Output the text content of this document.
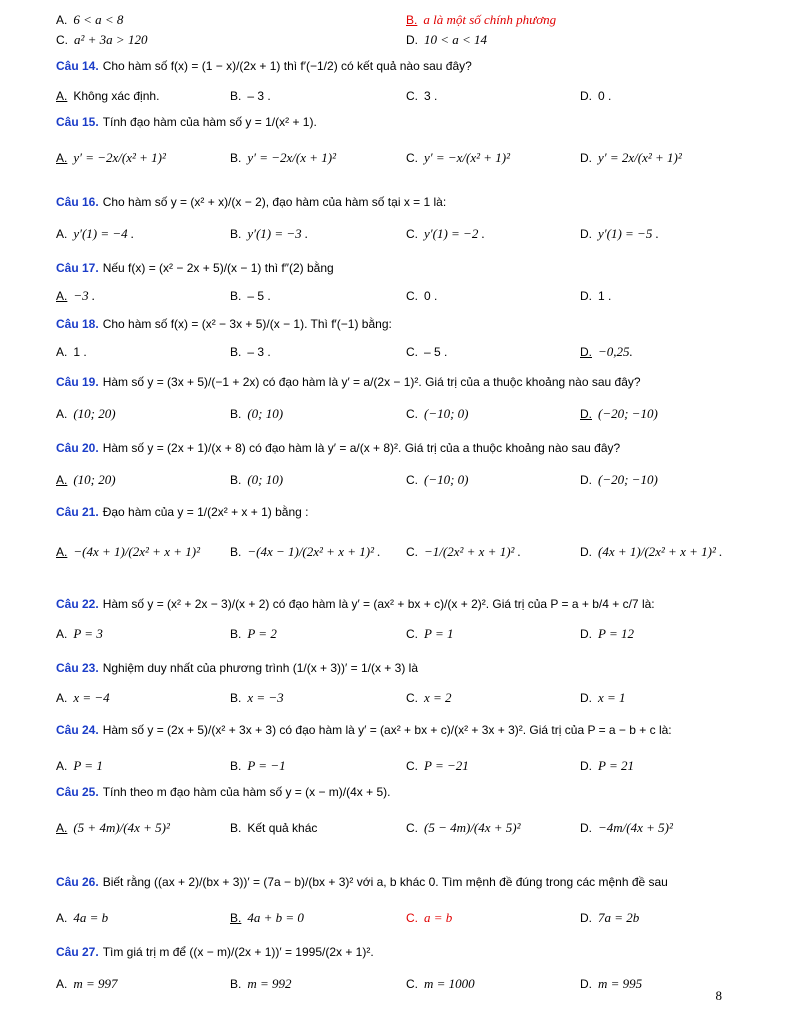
A. 6 < a < 8	B. a là một số chính phương
C. a² + 3a > 120	D. 10 < a < 14
Câu 14. Cho hàm số f(x) = (1 − x)/(2x + 1) thì f′(−1/2) có kết quả nào sau đây?
A. Không xác định.	B. – 3 .	C. 3 .	D. 0 .
Câu 15. Tính đạo hàm của hàm số y = 1/(x² + 1).
A. y′ = −2x/(x² + 1)²	B. y′ = −2x/(x + 1)²	C. y′ = −x/(x² + 1)²	D. y′ = 2x/(x² + 1)²
Câu 16. Cho hàm số y = (x² + x)/(x − 2), đạo hàm của hàm số tại x = 1 là:
A. y′(1) = −4 .	B. y′(1) = −3 .	C. y′(1) = −2 .	D. y′(1) = −5 .
Câu 17. Nếu f(x) = (x² − 2x + 5)/(x − 1) thì f″(2) bằng
A. −3 .	B. – 5 .	C. 0 .	D. 1 .
Câu 18. Cho hàm số f(x) = (x² − 3x + 5)/(x − 1). Thì f′(−1) bằng:
A. 1 .	B. – 3 .	C. – 5 .	D. −0,25.
Câu 19. Hàm số y = (3x + 5)/(−1 + 2x) có đạo hàm là y′ = a/(2x − 1)². Giá trị của a thuộc khoảng nào sau đây?
A. (10; 20)	B. (0; 10)	C. (−10; 0)	D. (−20; −10)
Câu 20. Hàm số y = (2x + 1)/(x + 8) có đạo hàm là y′ = a/(x + 8)². Giá trị của a thuộc khoảng nào sau đây?
A. (10; 20)	B. (0; 10)	C. (−10; 0)	D. (−20; −10)
Câu 21. Đạo hàm của y = 1/(2x² + x + 1) bằng :
A. −(4x + 1)/(2x² + x + 1)²	B. −(4x − 1)/(2x² + x + 1)² . C. −1/(2x² + x + 1)² .	D. (4x + 1)/(2x² + x + 1)² .
Câu 22. Hàm số y = (x² + 2x − 3)/(x + 2) có đạo hàm là y′ = (ax² + bx + c)/(x + 2)². Giá trị của P = a + b/4 + c/7 là:
A. P = 3	B. P = 2	C. P = 1	D. P = 12
Câu 23. Nghiệm duy nhất của phương trình (1/(x + 3))′ = 1/(x + 3) là
A. x = −4	B. x = −3	C. x = 2	D. x = 1
Câu 24. Hàm số y = (2x + 5)/(x² + 3x + 3) có đạo hàm là y′ = (ax² + bx + c)/(x² + 3x + 3)². Giá trị của P = a − b + c là:
A. P = 1	B. P = −1	C. P = −21	D. P = 21
Câu 25. Tính theo m đạo hàm của hàm số y = (x − m)/(4x + 5).
A. (5 + 4m)/(4x + 5)²	B. Kết quả khác	C. (5 − 4m)/(4x + 5)²	D. −4m/(4x + 5)²
Câu 26. Biết rằng ((ax + 2)/(bx + 3))′ = (7a − b)/(bx + 3)² với a, b khác 0. Tìm mệnh đề đúng trong các mệnh đề sau
A. 4a = b	B. 4a + b = 0	C. a = b	D. 7a = 2b
Câu 27. Tìm giá trị m để ((x − m)/(2x + 1))′ = 1995/(2x + 1)².
A. m = 997	B. m = 992	C. m = 1000	D. m = 995
8
